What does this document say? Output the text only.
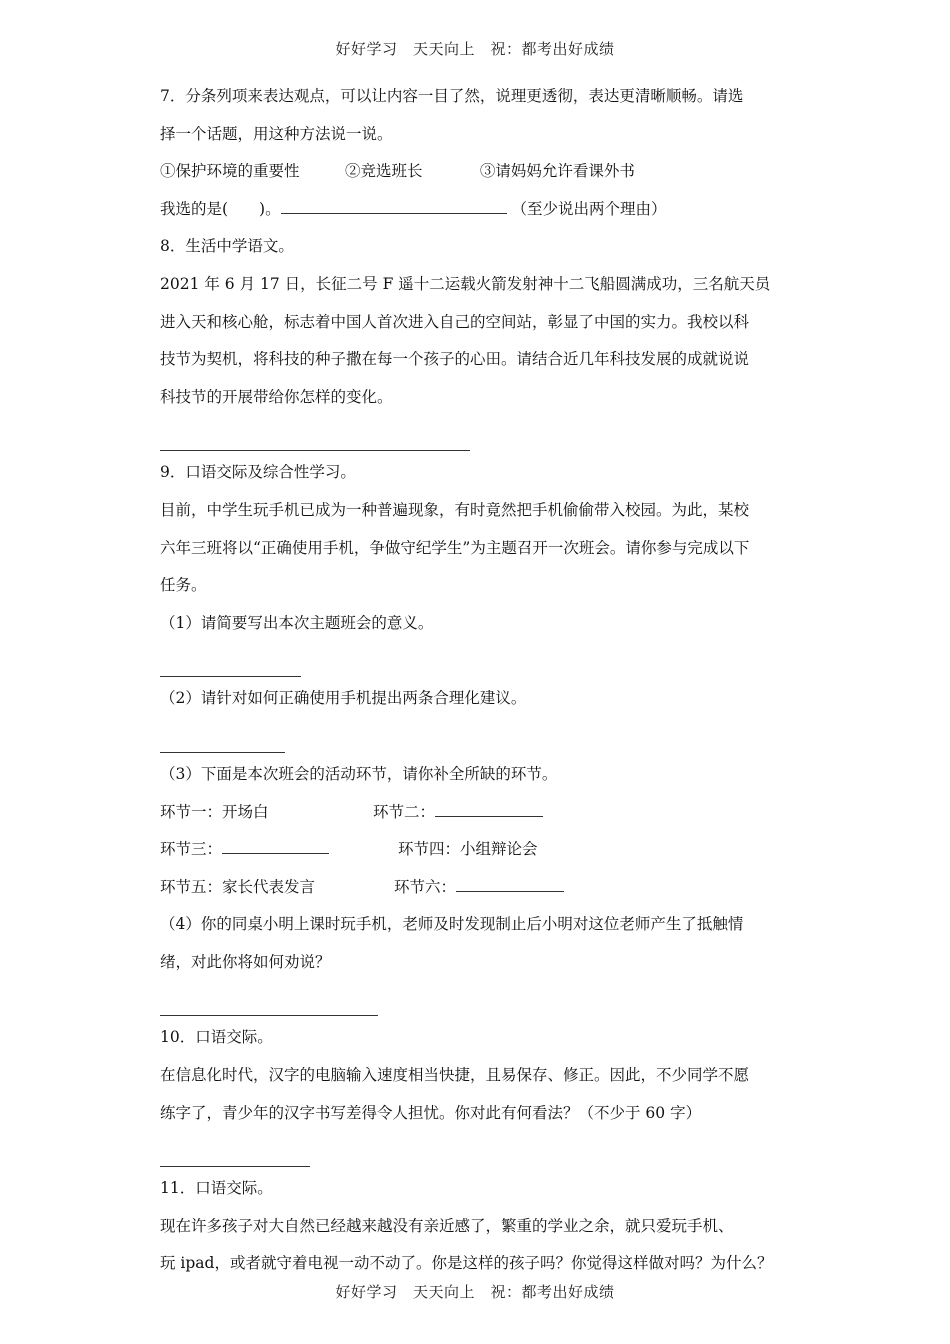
好好学习　天天向上　祝：都考出好成绩
7．分条列项来表达观点，可以让内容一目了然，说理更透彻，表达更清晰顺畅。请选
择一个话题，用这种方法说一说。
①保护环境的重要性	②竞选班长	③请妈妈允许看课外书
我选的是(　　)。	（至少说出两个理由）
8．生活中学语文。
2021 年 6 月 17 日，长征二号 F 遥十二运载火箭发射神十二飞船圆满成功，三名航天员
进入天和核心舱，标志着中国人首次进入自己的空间站，彰显了中国的实力。我校以科
技节为契机，将科技的种子撒在每一个孩子的心田。请结合近几年科技发展的成就说说
科技节的开展带给你怎样的变化。
9．口语交际及综合性学习。
目前，中学生玩手机已成为一种普遍现象，有时竟然把手机偷偷带入校园。为此，某校
六年三班将以“正确使用手机，争做守纪学生”为主题召开一次班会。请你参与完成以下
任务。
（1）请简要写出本次主题班会的意义。
（2）请针对如何正确使用手机提出两条合理化建议。
（3）下面是本次班会的活动环节，请你补全所缺的环节。
环节一：开场白	环节二：
环节三：	环节四：小组辩论会
环节五：家长代表发言	环节六：
（4）你的同桌小明上课时玩手机，老师及时发现制止后小明对这位老师产生了抵触情
绪，对此你将如何劝说？
10．口语交际。
在信息化时代，汉字的电脑输入速度相当快捷，且易保存、修正。因此，不少同学不愿
练字了，青少年的汉字书写差得令人担忧。你对此有何看法？（不少于 60 字）
11．口语交际。
现在许多孩子对大自然已经越来越没有亲近感了，繁重的学业之余，就只爱玩手机、
玩 ipad，或者就守着电视一动不动了。你是这样的孩子吗？你觉得这样做对吗？为什么？
好好学习　天天向上　祝：都考出好成绩
